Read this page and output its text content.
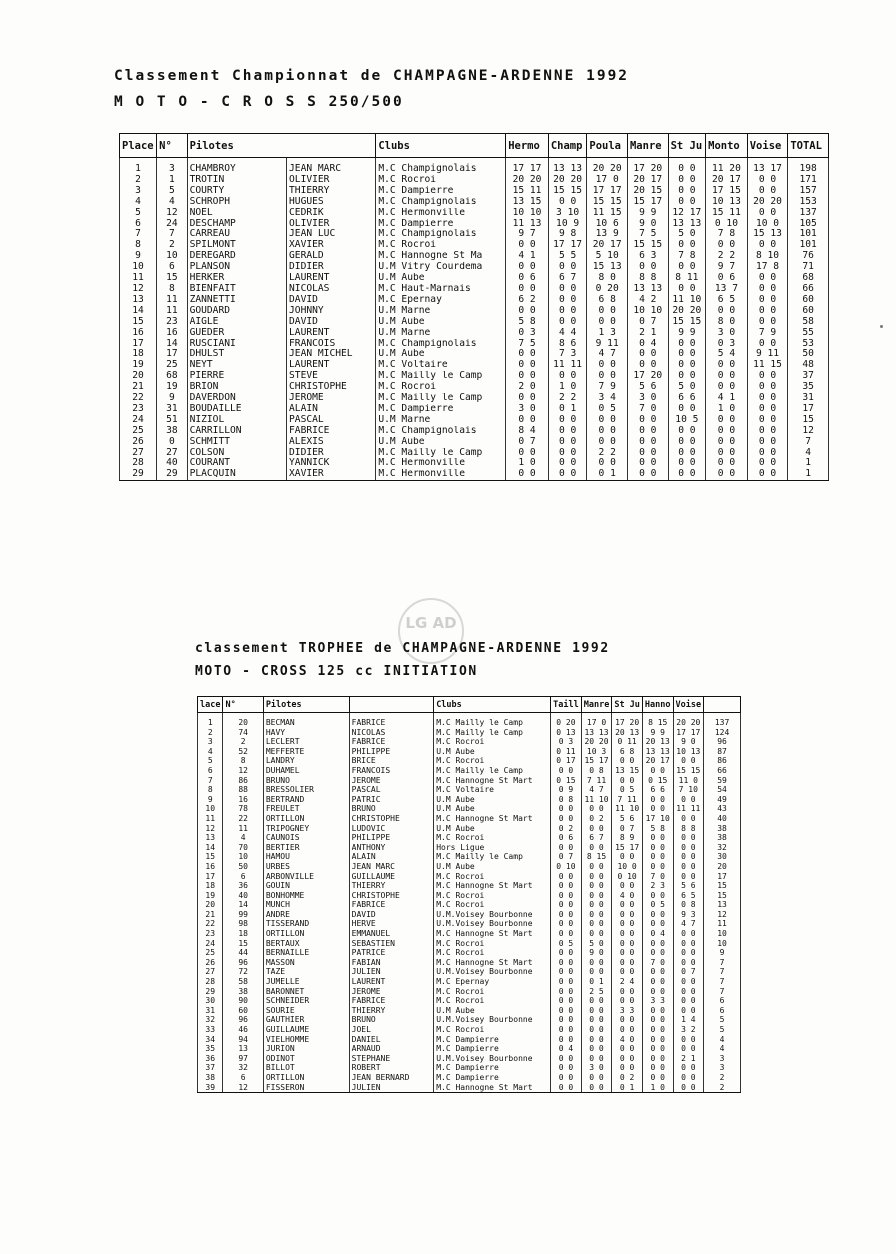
Classement Championnat de CHAMPAGNE-ARDENNE 1992
M O T O - C R O S S 250/500
Place	N°	Pilotes		Clubs	Hermo	Champ	Poula	Manre	St Ju	Monto	Voise	TOTAL
1	3	CHAMBROY	JEAN MARC	M.C Champignolais	17 17	13 13	20 20	17 20	0 0	11 20	13 17	198
2	1	TROTIN	OLIVIER	M.C Rocroi	20 20	20 20	17 0	20 17	0 0	20 17	0 0	171
3	5	COURTY	THIERRY	M.C Dampierre	15 11	15 15	17 17	20 15	0 0	17 15	0 0	157
4	4	SCHROPH	HUGUES	M.C Champignolais	13 15	0 0	15 15	15 17	0 0	10 13	20 20	153
5	12	NOEL	CEDRIK	M.C Hermonville	10 10	3 10	11 15	9 9	12 17	15 11	0 0	137
6	24	DESCHAMP	OLIVIER	M.C Dampierre	11 13	10 9	10 6	9 0	13 13	0 10	10 0	105
7	7	CARREAU	JEAN LUC	M.C Champignolais	9 7	9 8	13 9	7 5	5 0	7 8	15 13	101
8	2	SPILMONT	XAVIER	M.C Rocroi	0 0	17 17	20 17	15 15	0 0	0 0	0 0	101
9	10	DEREGARD	GERALD	M.C Hannogne St Ma	4 1	5 5	5 10	6 3	7 8	2 2	8 10	76
10	6	PLANSON	DIDIER	U.M Vitry Courdema	0 0	0 0	15 13	0 0	0 0	9 7	17 8	71
11	15	HERKER	LAURENT	U.M Aube	0 6	6 7	8 0	8 8	8 11	0 6	0 0	68
12	8	BIENFAIT	NICOLAS	M.C Haut-Marnais	0 0	0 0	0 20	13 13	0 0	13 7	0 0	66
13	11	ZANNETTI	DAVID	M.C Epernay	6 2	0 0	6 8	4 2	11 10	6 5	0 0	60
14	11	GOUDARD	JOHNNY	U.M Marne	0 0	0 0	0 0	10 10	20 20	0 0	0 0	60
15	23	AIGLE	DAVID	U.M Aube	5 8	0 0	0 0	0 7	15 15	8 0	0 0	58
16	16	GUEDER	LAURENT	U.M Marne	0 3	4 4	1 3	2 1	9 9	3 0	7 9	55
17	14	RUSCIANI	FRANCOIS	M.C Champignolais	7 5	8 6	9 11	0 4	0 0	0 3	0 0	53
18	17	DHULST	JEAN MICHEL	U.M Aube	0 0	7 3	4 7	0 0	0 0	5 4	9 11	50
19	25	NEYT	LAURENT	M.C Voltaire	0 0	11 11	0 0	0 0	0 0	0 0	11 15	48
20	68	PIERRE	STEVE	M.C Mailly le Camp	0 0	0 0	0 0	17 20	0 0	0 0	0 0	37
21	19	BRION	CHRISTOPHE	M.C Rocroi	2 0	1 0	7 9	5 6	5 0	0 0	0 0	35
22	9	DAVERDON	JEROME	M.C Mailly le Camp	0 0	2 2	3 4	3 0	6 6	4 1	0 0	31
23	31	BOUDAILLE	ALAIN	M.C Dampierre	3 0	0 1	0 5	7 0	0 0	1 0	0 0	17
24	51	NIZIOL	PASCAL	U.M Marne	0 0	0 0	0 0	0 0	10 5	0 0	0 0	15
25	38	CARRILLON	FABRICE	M.C Champignolais	8 4	0 0	0 0	0 0	0 0	0 0	0 0	12
26	0	SCHMITT	ALEXIS	U.M Aube	0 7	0 0	0 0	0 0	0 0	0 0	0 0	7
27	27	COLSON	DIDIER	M.C Mailly le Camp	0 0	0 0	2 2	0 0	0 0	0 0	0 0	4
28	40	COURANT	YANNICK	M.C Hermonville	1 0	0 0	0 0	0 0	0 0	0 0	0 0	1
29	29	PLACQUIN	XAVIER	M.C Hermonville	0 0	0 0	0 1	0 0	0 0	0 0	0 0	1
LG AD
classement TROPHEE de CHAMPAGNE-ARDENNE 1992
MOTO - CROSS 125 cc INITIATION
lace	N°	Pilotes		Clubs	Taill	Manre	St Ju	Hanno	Voise	
1	20	BECMAN	FABRICE	M.C Mailly le Camp	0 20	17 0	17 20	8 15	20 20	137
2	74	HAVY	NICOLAS	M.C Mailly le Camp	0 13	13 13	20 13	9 9	17 17	124
3	2	LECLERT	FABRICE	M.C Rocroi	0 3	20 20	0 11	20 13	9 0	96
4	52	MEFFERTE	PHILIPPE	U.M Aube	0 11	10 3	6 8	13 13	10 13	87
5	8	LANDRY	BRICE	M.C Rocroi	0 17	15 17	0 0	20 17	0 0	86
6	12	DUHAMEL	FRANCOIS	M.C Mailly le Camp	0 0	0 8	13 15	0 0	15 15	66
7	86	BRUNO	JEROME	M.C Hannogne St Mart	0 15	7 11	0 0	0 15	11 0	59
8	88	BRESSOLIER	PASCAL	M.C Voltaire	0 9	4 7	0 5	6 6	7 10	54
9	16	BERTRAND	PATRIC	U.M Aube	0 8	11 10	7 11	0 0	0 0	49
10	78	FREULET	BRUNO	U.M Aube	0 0	0 0	11 10	0 0	11 11	43
11	22	ORTILLON	CHRISTOPHE	M.C Hannogne St Mart	0 0	0 2	5 6	17 10	0 0	40
12	11	TRIPOGNEY	LUDOVIC	U.M Aube	0 2	0 0	0 7	5 8	8 8	38
13	4	CAUNOIS	PHILIPPE	M.C Rocroi	0 6	6 7	8 9	0 0	0 0	38
14	70	BERTIER	ANTHONY	Hors Ligue	0 0	0 0	15 17	0 0	0 0	32
15	10	HAMOU	ALAIN	M.C Mailly le Camp	0 7	8 15	0 0	0 0	0 0	30
16	50	URBES	JEAN MARC	U.M Aube	0 10	0 0	10 0	0 0	0 0	20
17	6	ARBONVILLE	GUILLAUME	M.C Rocroi	0 0	0 0	0 10	7 0	0 0	17
18	36	GOUIN	THIERRY	M.C Hannogne St Mart	0 0	0 0	0 0	2 3	5 6	15
19	40	BONHOMME	CHRISTOPHE	M.C Rocroi	0 0	0 0	4 0	0 0	6 5	15
20	14	MUNCH	FABRICE	M.C Rocroi	0 0	0 0	0 0	0 5	0 8	13
21	99	ANDRE	DAVID	U.M.Voisey Bourbonne	0 0	0 0	0 0	0 0	9 3	12
22	98	TISSERAND	HERVE	U.M.Voisey Bourbonne	0 0	0 0	0 0	0 0	4 7	11
23	18	ORTILLON	EMMANUEL	M.C Hannogne St Mart	0 0	0 0	0 0	0 4	0 0	10
24	15	BERTAUX	SEBASTIEN	M.C Rocroi	0 5	5 0	0 0	0 0	0 0	10
25	44	BERNAILLE	PATRICE	M.C Rocroi	0 0	9 0	0 0	0 0	0 0	9
26	96	MASSON	FABIAN	M.C Hannogne St Mart	0 0	0 0	0 0	7 0	0 0	7
27	72	TAZE	JULIEN	U.M.Voisey Bourbonne	0 0	0 0	0 0	0 0	0 7	7
28	58	JUMELLE	LAURENT	M.C Epernay	0 0	0 1	2 4	0 0	0 0	7
29	38	BARONNET	JEROME	M.C Rocroi	0 0	2 5	0 0	0 0	0 0	7
30	90	SCHNEIDER	FABRICE	M.C Rocroi	0 0	0 0	0 0	3 3	0 0	6
31	60	SOURIE	THIERRY	U.M Aube	0 0	0 0	3 3	0 0	0 0	6
32	96	GAUTHIER	BRUNO	U.M.Voisey Bourbonne	0 0	0 0	0 0	0 0	1 4	5
33	46	GUILLAUME	JOEL	M.C Rocroi	0 0	0 0	0 0	0 0	3 2	5
34	94	VIELHOMME	DANIEL	M.C Dampierre	0 0	0 0	4 0	0 0	0 0	4
35	13	JURION	ARNAUD	M.C Dampierre	0 4	0 0	0 0	0 0	0 0	4
36	97	ODINOT	STEPHANE	U.M.Voisey Bourbonne	0 0	0 0	0 0	0 0	2 1	3
37	32	BILLOT	ROBERT	M.C Dampierre	0 0	3 0	0 0	0 0	0 0	3
38	6	ORTILLON	JEAN BERNARD	M.C Dampierre	0 0	0 0	0 2	0 0	0 0	2
39	12	FISSERON	JULIEN	M.C Hannogne St Mart	0 0	0 0	0 1	1 0	0 0	2
